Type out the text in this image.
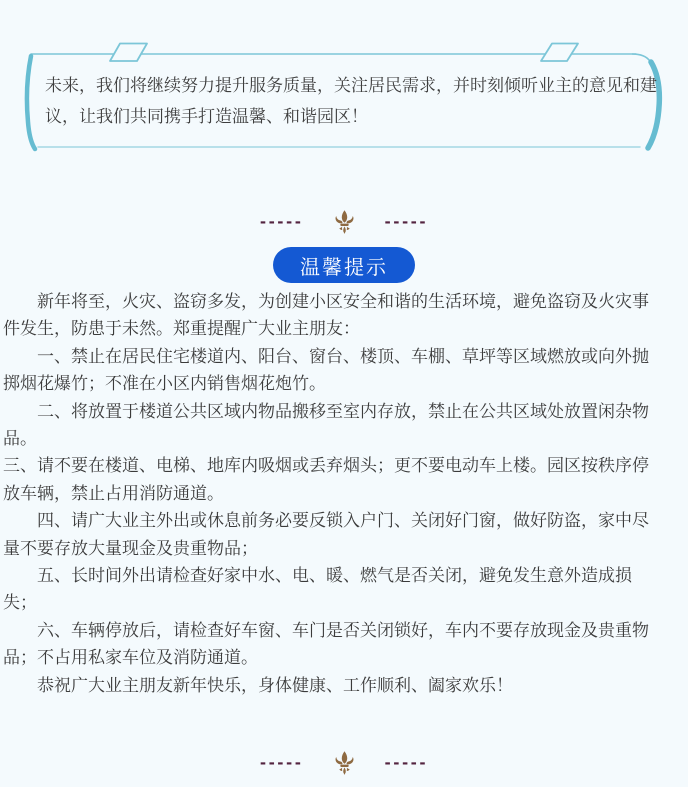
未来，我们将继续努力提升服务质量，关注居民需求，并时刻倾听业主的意见和建议，让我们共同携手打造温馨、和谐园区！
-----	-----
温馨提示

新年将至，火灾、盗窃多发，为创建小区安全和谐的生活环境，避免盗窃及火灾事件发生，防患于未然。郑重提醒广大业主朋友：

一、禁止在居民住宅楼道内、阳台、窗台、楼顶、车棚、草坪等区域燃放或向外抛掷烟花爆竹；不准在小区内销售烟花炮竹。

二、将放置于楼道公共区域内物品搬移至室内存放，禁止在公共区域处放置闲杂物品。

三、请不要在楼道、电梯、地库内吸烟或丢弃烟头；更不要电动车上楼。园区按秩序停放车辆，禁止占用消防通道。

四、请广大业主外出或休息前务必要反锁入户门、关闭好门窗，做好防盗，家中尽量不要存放大量现金及贵重物品；

五、长时间外出请检查好家中水、电、暖、燃气是否关闭，避免发生意外造成损失；

六、车辆停放后，请检查好车窗、车门是否关闭锁好，车内不要存放现金及贵重物品；不占用私家车位及消防通道。

恭祝广大业主朋友新年快乐，身体健康、工作顺利、阖家欢乐！

-----	-----
